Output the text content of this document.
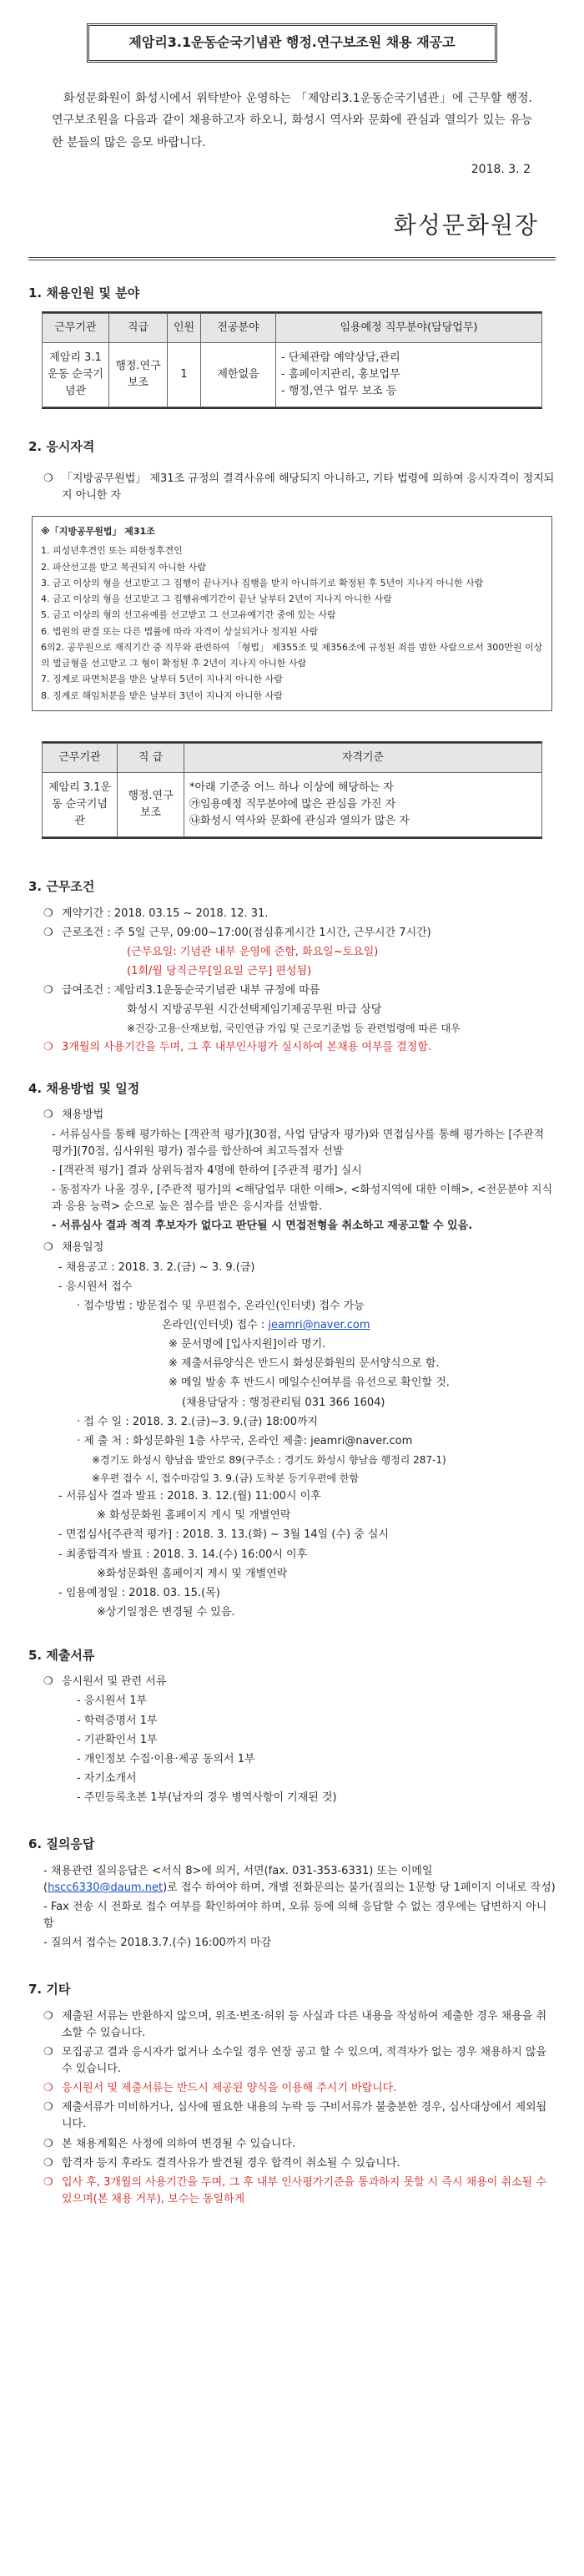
제암리3.1운동순국기념관 행정.연구보조원 채용 재공고

화성문화원이 화성시에서 위탁받아 운영하는 「제암리3.1운동순국기념관」에 근무할 행정.연구보조원을 다음과 같이 채용하고자 하오니, 화성시 역사와 문화에 관심과 열의가 있는 유능한 분들의 많은 응모 바랍니다.

2018. 3. 2

화성문화원장

1. 채용인원 및 분야
근무기관	직급	인원	전공분야	임용예정 직무분야(담당업무)
제암리 3.1운동 순국기념관	행정.연구 보조	1	제한없음	- 단체관람 예약상담,관리
- 홈페이지관리, 홍보업무
- 행정,연구 업무 보조 등
2. 응시자격
❍ 「지방공무원법」 제31조 규정의 결격사유에 해당되지 아니하고, 기타 법령에 의하여 응시자격이 정지되지 아니한 자
※「지방공무원법」 제31조
1. 피성년후견인 또는 피한정후견인
2. 파산선고를 받고 복권되지 아니한 사람
3. 금고 이상의 형을 선고받고 그 집행이 끝나거나 집행을 받지 아니하기로 확정된 후 5년이 지나지 아니한 사람
4. 금고 이상의 형을 선고받고 그 집행유예기간이 끝난 날부터 2년이 지나지 아니한 사람
5. 금고 이상의 형의 선고유예를 선고받고 그 선고유예기간 중에 있는 사람
6. 법원의 판결 또는 다른 법률에 따라 자격이 상실되거나 정지된 사람
6의2. 공무원으로 재직기간 중 직무와 관련하여 「형법」 제355조 및 제356조에 규정된 죄를 범한 사람으로서 300만원 이상의 벌금형을 선고받고 그 형이 확정된 후 2년이 지나지 아니한 사람
7. 징계로 파면처분을 받은 날부터 5년이 지나지 아니한 사람
8. 징계로 해임처분을 받은 날부터 3년이 지나지 아니한 사람
근무기관	직 급	자격기준
제암리 3.1운동 순국기념관	행정.연구 보조	*아래 기준중 어느 하나 이상에 해당하는 자
㉮임용예정 직무분야에 많은 관심을 가진 자
㉯화성시 역사와 문화에 관심과 열의가 많은 자
3. 근무조건
❍ 계약기간 : 2018. 03.15 ~ 2018. 12. 31.
❍ 근로조건 : 주 5일 근무, 09:00~17:00(점심휴게시간 1시간, 근무시간 7시간)
(근무요일: 기념관 내부 운영에 준함, 화요일~토요일)
(1회/월 당직근무[일요일 근무] 편성됨)
❍ 급여조건 : 제암리3.1운동순국기념관 내부 규정에 따름
화성시 지방공무원 시간선택제임기제공무원 마급 상당
※건강·고용·산재보험, 국민연금 가입 및 근로기준법 등 관련법령에 따른 대우
❍ 3개월의 사용기간을 두며, 그 후 내부인사평가 실시하여 본채용 여부를 결정함.
4. 채용방법 및 일정
❍ 채용방법
- 서류심사를 통해 평가하는 [객관적 평가](30점, 사업 담당자 평가)와 면접심사를 통해 평가하는 [주관적 평가](70점, 심사위원 평가) 점수를 합산하여 최고득점자 선발
- [객관적 평가] 결과 상위득점자 4명에 한하여 [주관적 평가] 실시
- 동점자가 나올 경우, [주관적 평가]의 <해당업무 대한 이해>, <화성지역에 대한 이해>, <전문분야 지식과 응용 능력> 순으로 높은 점수를 받은 응시자를 선발함.
- 서류심사 결과 적격 후보자가 없다고 판단될 시 면접전형을 취소하고 재공고할 수 있음.
❍ 채용일정
- 채용공고 : 2018. 3. 2.(금) ~ 3. 9.(금)
- 응시원서 접수
· 접수방법 : 방문접수 및 우편접수, 온라인(인터넷) 접수 가능
온라인(인터넷) 접수 : jeamri@naver.com
※ 문서명에 [입사지원]이라 명기.
※ 제출서류양식은 반드시 화성문화원의 문서양식으로 함.
※ 메일 발송 후 반드시 메일수신여부를 유선으로 확인할 것.
(채용담당자 : 행정관리팀 031 366 1604)
· 접 수 일 : 2018. 3. 2.(금)~3. 9.(금) 18:00까지
· 제 출 처 : 화성문화원 1층 사무국, 온라인 제출: jeamri@naver.com
※경기도 화성시 향남읍 발안로 89(구주소 : 경기도 화성시 향남읍 행정리 287-1)
※우편 접수 시, 접수마감일 3. 9.(금) 도착분 등기우편에 한함
- 서류심사 결과 발표 : 2018. 3. 12.(월) 11:00시 이후
※ 화성문화원 홈페이지 게시 및 개별연락
- 면접심사[주관적 평가] : 2018. 3. 13.(화) ~ 3월 14일 (수) 중 실시
- 최종합격자 발표 : 2018. 3. 14.(수) 16:00시 이후
※화성문화원 홈페이지 게시 및 개별연락
- 임용예정일 : 2018. 03. 15.(목)
※상기일정은 변경될 수 있음.
5. 제출서류
❍ 응시원서 및 관련 서류
- 응시원서 1부
- 학력증명서 1부
- 기관확인서 1부
- 개인정보 수집·이용·제공 동의서 1부
- 자기소개서
- 주민등록초본 1부(남자의 경우 병역사항이 기재된 것)
6. 질의응답
- 채용관련 질의응답은 <서식 8>에 의거, 서면(fax. 031-353-6331) 또는 이메일(hscc6330@daum.net)로 접수 하여야 하며, 개별 전화문의는 불가(질의는 1문항 당 1페이지 이내로 작성)
- Fax 전송 시 전화로 접수 여부를 확인하여야 하며, 오류 등에 의해 응답할 수 없는 경우에는 답변하지 아니함
- 질의서 접수는 2018.3.7.(수) 16:00까지 마감
7. 기타
❍ 제출된 서류는 반환하지 않으며, 위조·변조·허위 등 사실과 다른 내용을 작성하여 제출한 경우 채용을 취소할 수 있습니다.
❍ 모집공고 결과 응시자가 없거나 소수일 경우 연장 공고 할 수 있으며, 적격자가 없는 경우 채용하지 않을 수 있습니다.
❍ 응시원서 및 제출서류는 반드시 제공된 양식을 이용해 주시기 바랍니다.
❍ 제출서류가 미비하거나, 심사에 필요한 내용의 누락 등 구비서류가 불충분한 경우, 심사대상에서 제외됩니다.
❍ 본 채용계획은 사정에 의하여 변경될 수 있습니다.
❍ 합격자 등지 후라도 결격사유가 발견될 경우 합격이 취소될 수 있습니다.
❍ 입사 후, 3개월의 사용기간을 두며, 그 후 내부 인사평가기준을 통과하지 못할 시 즉시 채용이 취소될 수 있으며(본 채용 거부), 보수는 동일하게
